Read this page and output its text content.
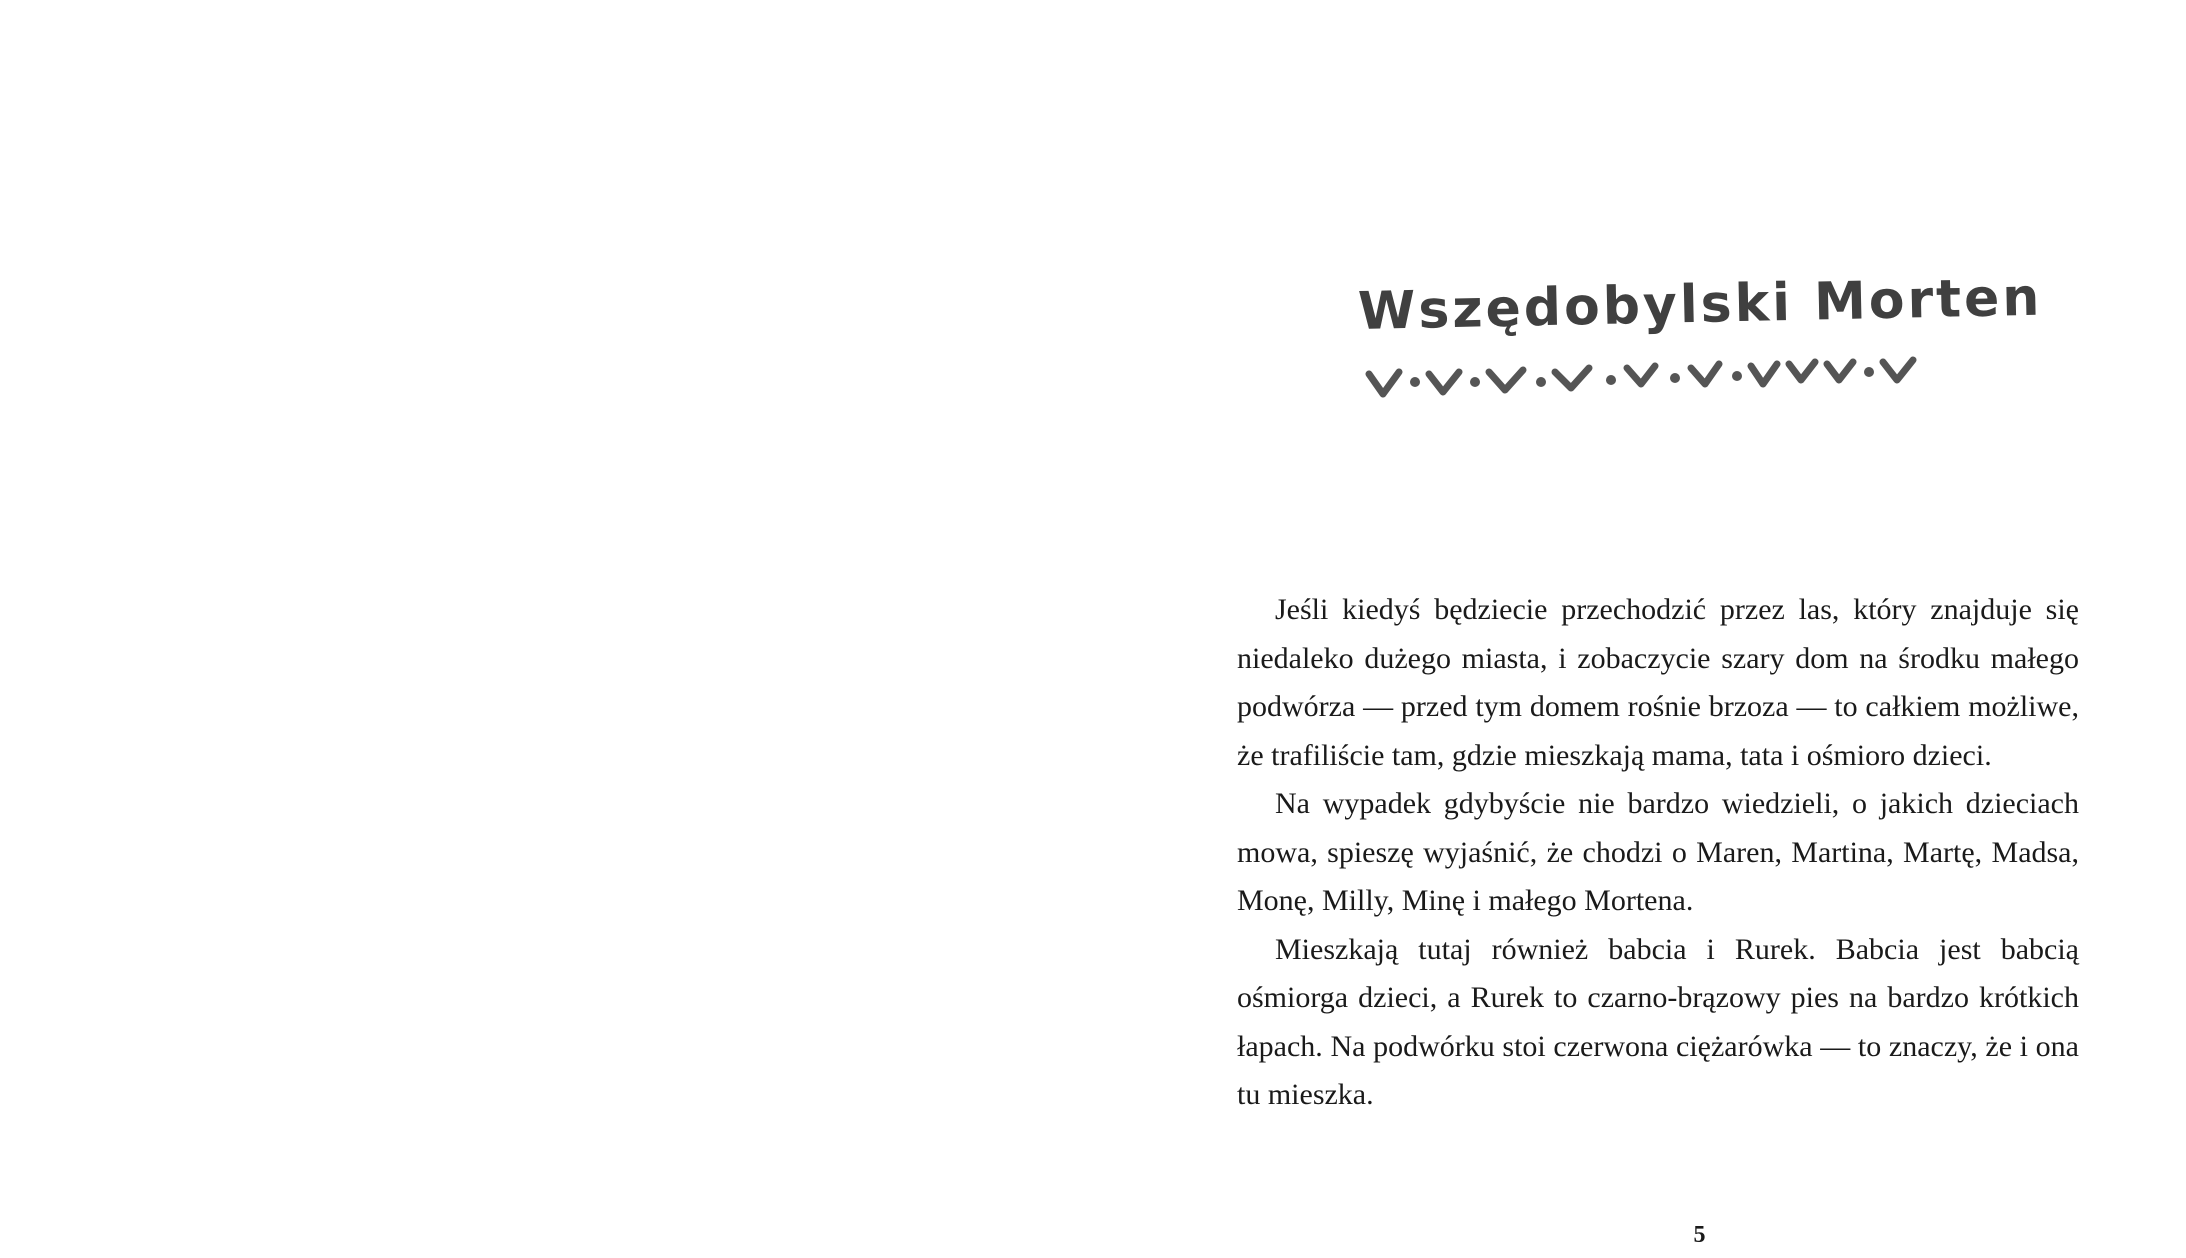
Wszędobylski Morten

Jeśli kiedyś będziecie przechodzić przez las, który znajduje się niedaleko dużego miasta, i zobaczycie szary dom na środku małego podwórza — przed tym domem rośnie brzoza — to całkiem możliwe, że trafiliście tam, gdzie mieszkają mama, tata i ośmioro dzieci.

Na wypadek gdybyście nie bardzo wiedzieli, o jakich dzieciach mowa, spieszę wyjaśnić, że chodzi o Maren, Martina, Martę, Madsa, Monę, Milly, Minę i małego Mortena.

Mieszkają tutaj również babcia i Rurek. Babcia jest babcią ośmiorga dzieci, a Rurek to czarno-brązowy pies na bardzo krótkich łapach. Na podwórku stoi czerwona ciężarówka — to znaczy, że i ona tu mieszka.

5
